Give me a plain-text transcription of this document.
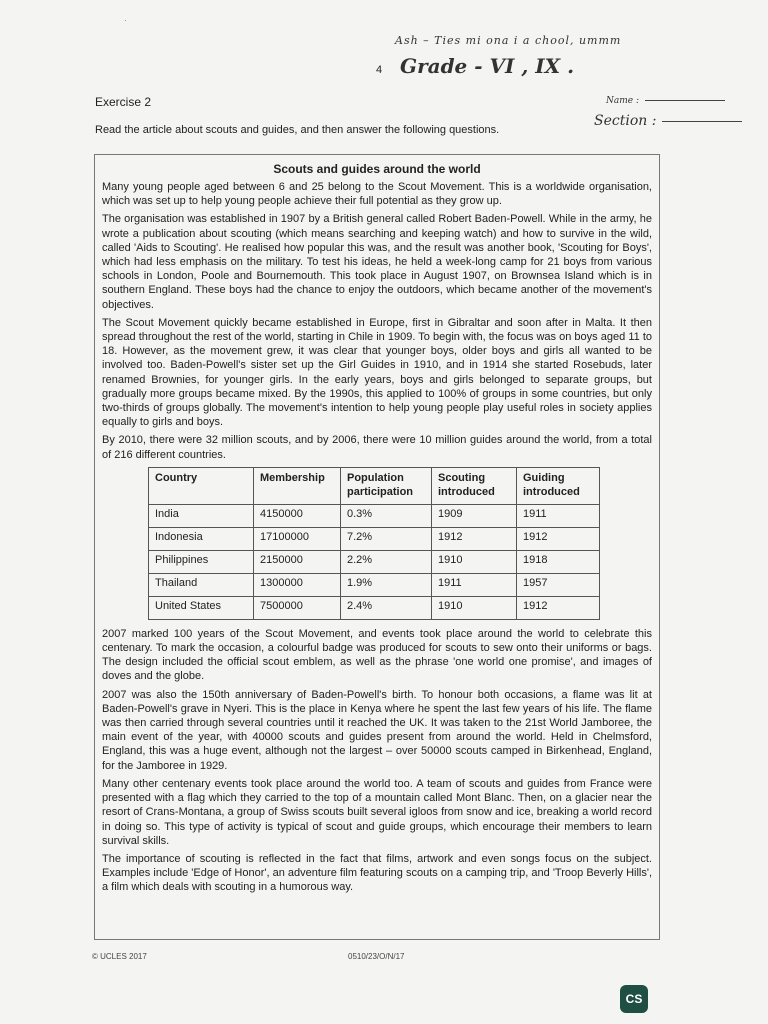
·
Ash – Ties mi ona i a chool, ummm
4 Grade - VI , IX .
Name :
Section :
Exercise 2
Read the article about scouts and guides, and then answer the following questions.
Scouts and guides around the world

Many young people aged between 6 and 25 belong to the Scout Movement. This is a worldwide organisation, which was set up to help young people achieve their full potential as they grow up.

The organisation was established in 1907 by a British general called Robert Baden-Powell. While in the army, he wrote a publication about scouting (which means searching and keeping watch) and how to survive in the wild, called 'Aids to Scouting'. He realised how popular this was, and the result was another book, 'Scouting for Boys', which had less emphasis on the military. To test his ideas, he held a week-long camp for 21 boys from various schools in London, Poole and Bournemouth. This took place in August 1907, on Brownsea Island which is in southern England. These boys had the chance to enjoy the outdoors, which became another of the movement's objectives.

The Scout Movement quickly became established in Europe, first in Gibraltar and soon after in Malta. It then spread throughout the rest of the world, starting in Chile in 1909. To begin with, the focus was on boys aged 11 to 18. However, as the movement grew, it was clear that younger boys, older boys and girls all wanted to be involved too. Baden-Powell's sister set up the Girl Guides in 1910, and in 1914 she started Rosebuds, later renamed Brownies, for younger girls. In the early years, boys and girls belonged to separate groups, but gradually more groups became mixed. By the 1990s, this applied to 100% of groups in some countries, but only two-thirds of groups globally. The movement's intention to help young people play useful roles in society applies equally to girls and boys.

By 2010, there were 32 million scouts, and by 2006, there were 10 million guides around the world, from a total of 216 different countries.

Country	Membership	Population participation	Scouting introduced	Guiding introduced
India	4150000	0.3%	1909	1911
Indonesia	17100000	7.2%	1912	1912
Philippines	2150000	2.2%	1910	1918
Thailand	1300000	1.9%	1911	1957
United States	7500000	2.4%	1910	1912

2007 marked 100 years of the Scout Movement, and events took place around the world to celebrate this centenary. To mark the occasion, a colourful badge was produced for scouts to sew onto their uniforms or bags. The design included the official scout emblem, as well as the phrase 'one world one promise', and images of doves and the globe.

2007 was also the 150th anniversary of Baden-Powell's birth. To honour both occasions, a flame was lit at Baden-Powell's grave in Nyeri. This is the place in Kenya where he spent the last few years of his life. The flame was then carried through several countries until it reached the UK. It was taken to the 21st World Jamboree, the main event of the year, with 40000 scouts and guides present from around the world. Held in Chelmsford, England, this was a huge event, although not the largest – over 50000 scouts camped in Birkenhead, England, for the Jamboree in 1929.

Many other centenary events took place around the world too. A team of scouts and guides from France were presented with a flag which they carried to the top of a mountain called Mont Blanc. Then, on a glacier near the resort of Crans-Montana, a group of Swiss scouts built several igloos from snow and ice, breaking a world record in doing so. This type of activity is typical of scout and guide groups, which encourage their members to learn survival skills.

The importance of scouting is reflected in the fact that films, artwork and even songs focus on the subject. Examples include 'Edge of Honor', an adventure film featuring scouts on a camping trip, and 'Troop Beverly Hills', a film which deals with scouting in a humorous way.

© UCLES 2017	0510/23/O/N/17
CS
